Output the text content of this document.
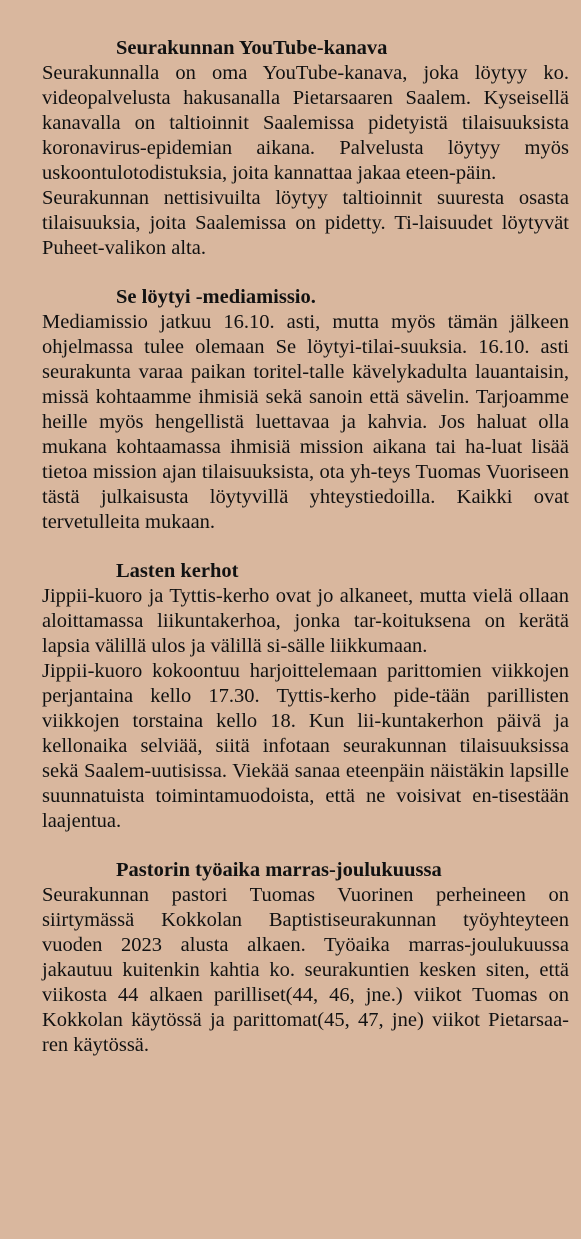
Seurakunnan YouTube-kanava

Seurakunnalla on oma YouTube-kanava, joka löytyy ko. videopalvelusta hakusanalla Pietarsaaren Saalem. Kyseisellä kanavalla on taltioinnit Saalemissa pidetyistä tilaisuuksista koronavirus-epidemian aikana. Palvelusta löytyy myös uskoontulotodistuksia, joita kannattaa jakaa eteen-päin.

Seurakunnan nettisivuilta löytyy taltioinnit suuresta osasta tilaisuuksia, joita Saalemissa on pidetty. Ti-laisuudet löytyvät Puheet-valikon alta.

Se löytyi -mediamissio.

Mediamissio jatkuu 16.10. asti, mutta myös tämän jälkeen ohjelmassa tulee olemaan Se löytyi-tilai-suuksia. 16.10. asti seurakunta varaa paikan toritel-talle kävelykadulta lauantaisin, missä kohtaamme ihmisiä sekä sanoin että sävelin. Tarjoamme heille myös hengellistä luettavaa ja kahvia. Jos haluat olla mukana kohtaamassa ihmisiä mission aikana tai ha-luat lisää tietoa mission ajan tilaisuuksista, ota yh-teys Tuomas Vuoriseen tästä julkaisusta löytyvillä yhteystiedoilla. Kaikki ovat tervetulleita mukaan.

Lasten kerhot

Jippii-kuoro ja Tyttis-kerho ovat jo alkaneet, mutta vielä ollaan aloittamassa liikuntakerhoa, jonka tar-koituksena on kerätä lapsia välillä ulos ja välillä si-sälle liikkumaan.

Jippii-kuoro kokoontuu harjoittelemaan parittomien viikkojen perjantaina kello 17.30. Tyttis-kerho pide-tään parillisten viikkojen torstaina kello 18. Kun lii-kuntakerhon päivä ja kellonaika selviää, siitä infotaan seurakunnan tilaisuuksissa sekä Saalem-uutisissa. Viekää sanaa eteenpäin näistäkin lapsille suunnatuista toimintamuodoista, että ne voisivat en-tisestään laajentua.

Pastorin työaika marras-joulukuussa

Seurakunnan pastori Tuomas Vuorinen perheineen on siirtymässä Kokkolan Baptistiseurakunnan työyhteyteen vuoden 2023 alusta alkaen. Työaika marras-joulukuussa jakautuu kuitenkin kahtia ko. seurakuntien kesken siten, että viikosta 44 alkaen parilliset(44, 46, jne.) viikot Tuomas on Kokkolan käytössä ja parittomat(45, 47, jne) viikot Pietarsaa-ren käytössä.
